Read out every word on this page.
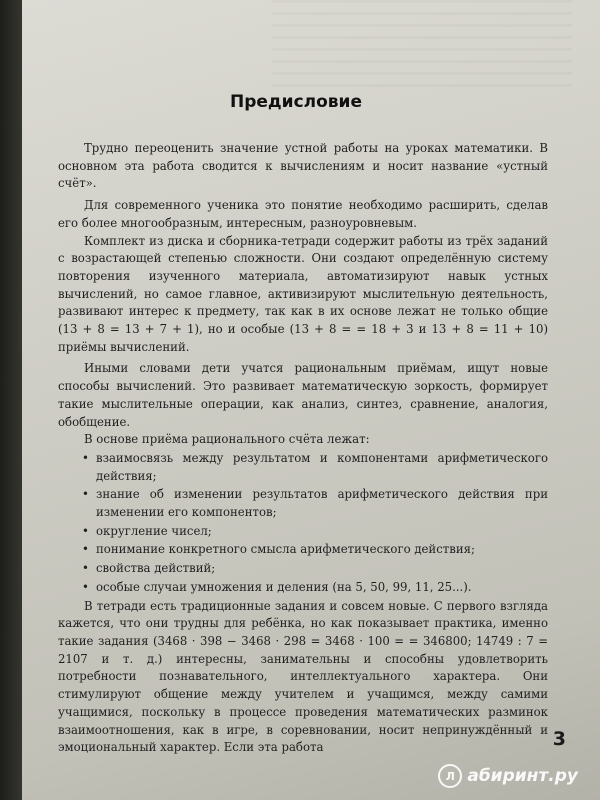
Предисловие

Трудно переоценить значение устной работы на уроках математики. В основном эта работа сводится к вычислениям и носит название «устный счёт».

Для современного ученика это понятие необходимо расширить, сделав его более многообразным, интересным, разноуровневым.

Комплект из диска и сборника-тетради содержит работы из трёх заданий с возрастающей степенью сложности. Они создают определённую систему повторения изученного материала, автоматизируют навык устных вычислений, но самое главное, активизируют мыслительную деятельность, развивают интерес к предмету, так как в их основе лежат не только общие (13 + 8 = 13 + 7 + 1), но и особые (13 + 8 = = 18 + 3 и 13 + 8 = 11 + 10) приёмы вычислений.

Иными словами дети учатся рациональным приёмам, ищут новые способы вычислений. Это развивает математическую зоркость, формирует такие мыслительные операции, как анализ, синтез, сравнение, аналогия, обобщение.

В основе приёма рационального счёта лежат:

• взаимосвязь между результатом и компонентами арифметического действия;
• знание об изменении результатов арифметического действия при изменении его компонентов;
• округление чисел;
• понимание конкретного смысла арифметического действия;
• свойства действий;
• особые случаи умножения и деления (на 5, 50, 99, 11, 25...).

В тетради есть традиционные задания и совсем новые. С первого взгляда кажется, что они трудны для ребёнка, но как показывает практика, именно такие задания (3468 · 398 − 3468 · 298 = 3468 · 100 = = 346800; 14749 : 7 = 2107 и т. д.) интересны, занимательны и способны удовлетворить потребности познавательного, интеллектуального характера. Они стимулируют общение между учителем и учащимся, между самими учащимися, поскольку в процессе проведения математических разминок взаимоотношения, как в игре, в соревновании, носит непринуждённый и эмоциональный характер. Если эта работа	3
Л абиринт.ру
